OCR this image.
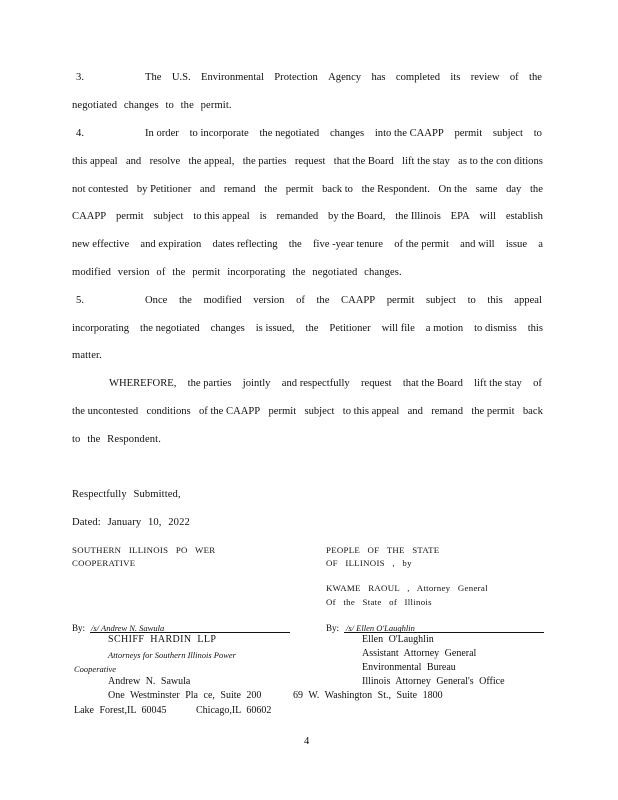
3.	The U.S. Environmental Protection Agency has completed its review of the
negotiated changes to the permit.
4.	In order to incorporate the negotiated changes into the CAAPP permit subject to
this appeal and resolve the appeal, the parties request that the Board lift the stay as to the con ditions
not contested by Petitioner and remand the permit back to the Respondent. On the same day the
CAAPP permit subject to this appeal is remanded by the Board, the Illinois EPA will establish
new effective and expiration dates reflecting the five -year tenure of the permit and will issue a
modified version of the permit incorporating the negotiated changes.
5.	Once the modified version of the CAAPP permit subject to this appeal
incorporating the negotiated changes is issued, the Petitioner will file a motion to dismiss this
matter.
WHEREFORE, the parties jointly and respectfully request that the Board lift the stay of
the uncontested conditions of the CAAPP permit subject to this appeal and remand the permit back
to the Respondent.
Respectfully Submitted,
Dated: January 10, 2022
SOUTHERN ILLINOIS PO WER
COOPERATIVE
By: /s/ Andrew N. Sawula
SCHIFF HARDIN LLP
Attorneys for Southern Illinois Power
Cooperative
Andrew N. Sawula
One Westminster Pla ce, Suite 200
Lake Forest,IL 60045
PEOPLE OF THE STATE
OF ILLINOIS , by
KWAME RAOUL , Attorney General
Of the State of Illinois
By: /s/ Ellen O'Laughlin
Ellen O'Laughlin
Assistant Attorney General
Environmental Bureau
Illinois Attorney General's Office
69 W. Washington St., Suite 1800
Chicago,IL 60602
4
